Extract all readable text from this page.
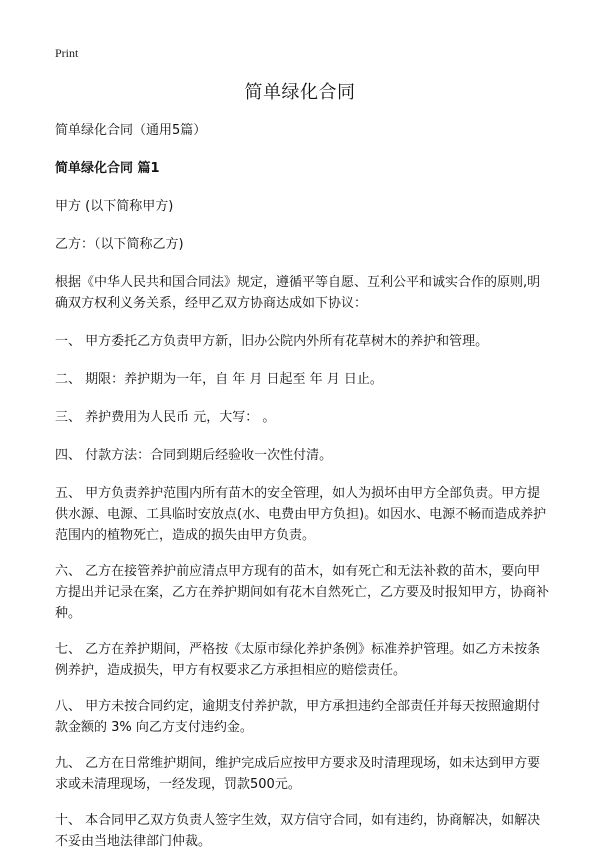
Print
简单绿化合同

简单绿化合同（通用5篇）

简单绿化合同 篇1

甲方 (以下简称甲方)

乙方：（以下简称乙方)

根据《中华人民共和国合同法》规定，遵循平等自愿、互利公平和诚实合作的原则,明确双方权利义务关系，经甲乙双方协商达成如下协议：

一、 甲方委托乙方负责甲方新，旧办公院内外所有花草树木的养护和管理。

二、 期限：养护期为一年，自 年 月 日起至 年 月 日止。

三、 养护费用为人民币 元，大写： 。

四、 付款方法：合同到期后经验收一次性付清。

五、 甲方负责养护范围内所有苗木的安全管理，如人为损坏由甲方全部负责。甲方提供水源、电源、工具临时安放点(水、电费由甲方负担)。如因水、电源不畅而造成养护范围内的植物死亡，造成的损失由甲方负责。

六、 乙方在接管养护前应清点甲方现有的苗木，如有死亡和无法补救的苗木，要向甲方提出并记录在案，乙方在养护期间如有花木自然死亡，乙方要及时报知甲方，协商补种。

七、 乙方在养护期间，严格按《太原市绿化养护条例》标准养护管理。如乙方未按条例养护，造成损失，甲方有权要求乙方承担相应的赔偿责任。

八、 甲方未按合同约定，逾期支付养护款，甲方承担违约全部责任并每天按照逾期付款金额的 3% 向乙方支付违约金。

九、 乙方在日常维护期间，维护完成后应按甲方要求及时清理现场，如未达到甲方要求或未清理现场，一经发现，罚款500元。

十、 本合同甲乙双方负责人签字生效，双方信守合同，如有违约，协商解决，如解决不妥由当地法律部门仲裁。
